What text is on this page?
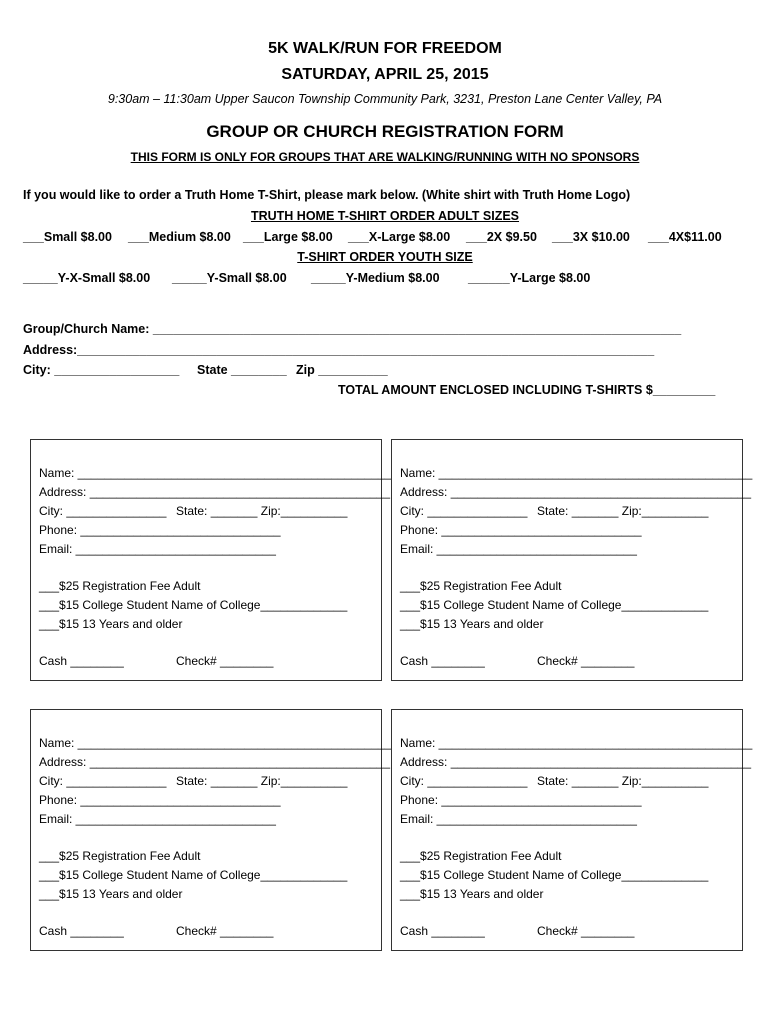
5K WALK/RUN FOR FREEDOM
SATURDAY, APRIL 25, 2015
9:30am – 11:30am Upper Saucon Township Community Park, 3231, Preston Lane Center Valley, PA
GROUP OR CHURCH REGISTRATION FORM
THIS FORM IS ONLY FOR GROUPS THAT ARE WALKING/RUNNING WITH NO SPONSORS
If you would like to order a Truth Home T-Shirt, please mark below. (White shirt with Truth Home Logo)
TRUTH HOME T-SHIRT ORDER ADULT SIZES
___Small $8.00 ___Medium $8.00 ___Large $8.00 ___X-Large $8.00 ___2X $9.50 ___3X $10.00 ___4X$11.00
T-SHIRT ORDER YOUTH SIZE
_____Y-X-Small $8.00 _____Y-Small $8.00 _____Y-Medium $8.00 ______Y-Large $8.00
Group/Church Name: ____________________________________________________________________________
Address:___________________________________________________________________________________
City: __________________ State ________ Zip __________
TOTAL AMOUNT ENCLOSED INCLUDING T-SHIRTS $_________
Name: _______________________________________________
Address: _____________________________________________
City: _______________ State: _______ Zip:__________
Phone: ______________________________
Email: ______________________________
___$25 Registration Fee Adult
___$15 College Student Name of College_____________
___$15 13 Years and older
Cash ________	Check# ________
Name: _______________________________________________
Address: _____________________________________________
City: _______________ State: _______ Zip:__________
Phone: ______________________________
Email: ______________________________
___$25 Registration Fee Adult
___$15 College Student Name of College_____________
___$15 13 Years and older
Cash ________	Check# ________
Name: _______________________________________________
Address: _____________________________________________
City: _______________ State: _______ Zip:__________
Phone: ______________________________
Email: ______________________________
___$25 Registration Fee Adult
___$15 College Student Name of College_____________
___$15 13 Years and older
Cash ________	Check# ________
Name: _______________________________________________
Address: _____________________________________________
City: _______________ State: _______ Zip:__________
Phone: ______________________________
Email: ______________________________
___$25 Registration Fee Adult
___$15 College Student Name of College_____________
___$15 13 Years and older
Cash ________	Check# ________
